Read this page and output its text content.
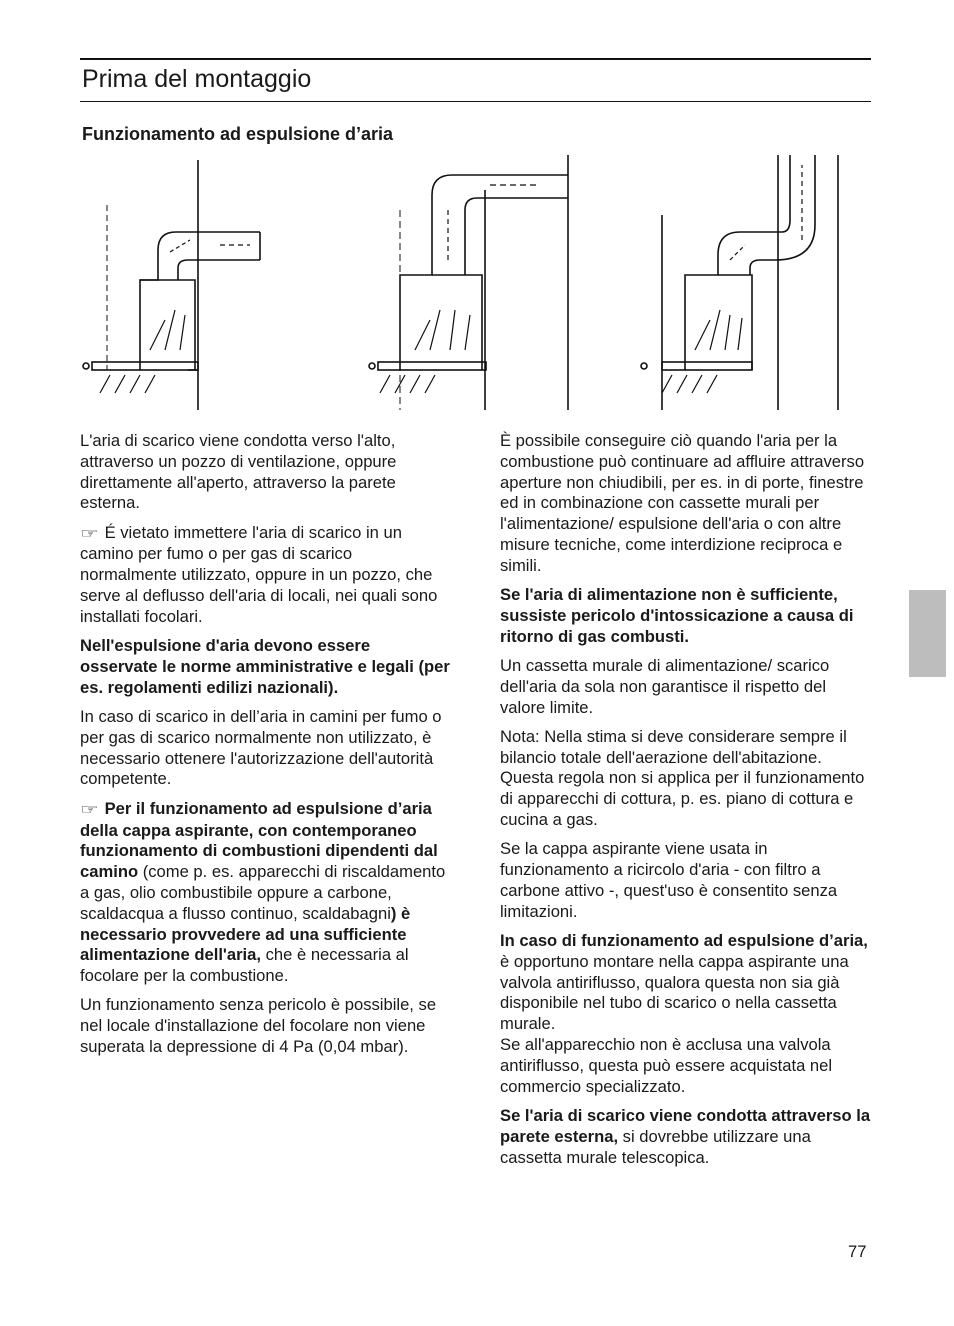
Prima del montaggio
Funzionamento ad espulsione d’aria

L'aria di scarico viene condotta verso l'alto, attraverso un pozzo di ventilazione, oppure direttamente all'aperto, attraverso la parete esterna.

☞ É vietato immettere l'aria di scarico in un camino per fumo o per gas di scarico normalmente utilizzato, oppure in un pozzo, che serve al deflusso dell'aria di locali, nei quali sono installati focolari.

Nell'espulsione d'aria devono essere osservate le norme amministrative e legali (per es. regolamenti edilizi nazionali).

In caso di scarico in dell’aria in camini per fumo o per gas di scarico normalmente non utilizzato, è necessario ottenere l'autorizzazione dell'autorità competente.

☞ Per il funzionamento ad espulsione d’aria della cappa aspirante, con contemporaneo funzionamento di combustioni dipendenti dal camino (come p. es. apparecchi di riscaldamento a gas, olio combustibile oppure a carbone, scaldacqua a flusso continuo, scaldabagni) è necessario provvedere ad una sufficiente alimentazione dell'aria, che è necessaria al focolare per la combustione.

Un funzionamento senza pericolo è possibile, se nel locale d'installazione del focolare non viene superata la depressione di 4 Pa (0,04 mbar).

È possibile conseguire ciò quando l'aria per la combustione può continuare ad affluire attraverso aperture non chiudibili, per es. in di porte, finestre ed in combinazione con cassette murali per l'alimentazione/ espulsione dell'aria o con altre misure tecniche, come interdizione reciproca e simili.

Se l'aria di alimentazione non è sufficiente, sussiste pericolo d'intossicazione a causa di ritorno di gas combusti.

Un cassetta murale di alimentazione/ scarico dell'aria da sola non garantisce il rispetto del valore limite.

Nota: Nella stima si deve considerare sempre il bilancio totale dell'aerazione dell'abitazione. Questa regola non si applica per il funzionamento di apparecchi di cottura, p. es. piano di cottura e cucina a gas.

Se la cappa aspirante viene usata in funzionamento a ricircolo d'aria - con filtro a carbone attivo -, quest'uso è consentito senza limitazioni.

In caso di funzionamento ad espulsione d’aria, è opportuno montare nella cappa aspirante una valvola antiriflusso, qualora questa non sia già disponibile nel tubo di scarico o nella cassetta murale.

Se all'apparecchio non è acclusa una valvola antiriflusso, questa può essere acquistata nel commercio specializzato.

Se l'aria di scarico viene condotta attraverso la parete esterna, si dovrebbe utilizzare una cassetta murale telescopica.

77
